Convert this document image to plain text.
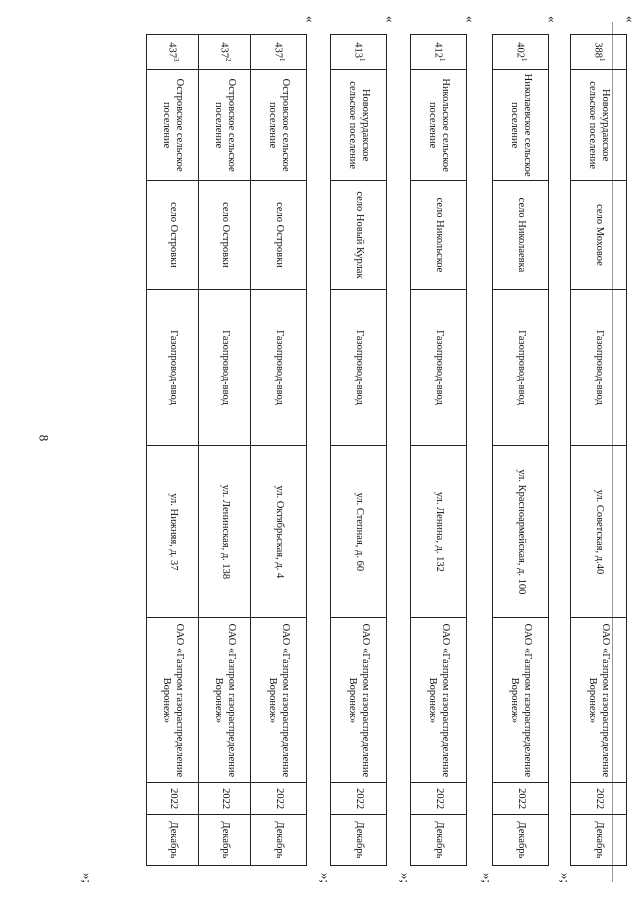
8
«
$388^1$	Новокурдакское сельское поселение	село Моховое	Газопровод-ввод	ул. Советская, д.40	ОАО «Газпром газораспределение Воронеж»	2022	Декабрь
»;
«
$402^1$	Николаевское сельское поселение	село Николаевка	Газопровод-ввод	ул. Красноармейская, д. 100	ОАО «Газпром газораспределение Воронеж»	2022	Декабрь
»;
«
$412^1$	Никольское сельское поселение	село Никольское	Газопровод-ввод	ул. Ленина, д. 132	ОАО «Газпром газораспределение Воронеж»	2022	Декабрь
»;
«
$413^1$	Новокурдакское сельское поселение	село Новый Курлак	Газопровод-ввод	ул. Степная, д. 60	ОАО «Газпром газораспределение Воронеж»	2022	Декабрь
»;
«
$437^1$	Островское сельское поселение	село Островки	Газопровод-ввод	ул. Октябрьская, д. 4	ОАО «Газпром газораспределение Воронеж»	2022	Декабрь
$437^2$	Островское сельское поселение	село Островки	Газопровод-ввод	ул. Ленинская, д. 138	ОАО «Газпром газораспределение Воронеж»	2022	Декабрь
$437^3$	Островское сельское поселение	село Островки	Газопровод-ввод	ул. Нижняя, д. 37	ОАО «Газпром газораспределение Воронеж»	2022	Декабрь
»;
